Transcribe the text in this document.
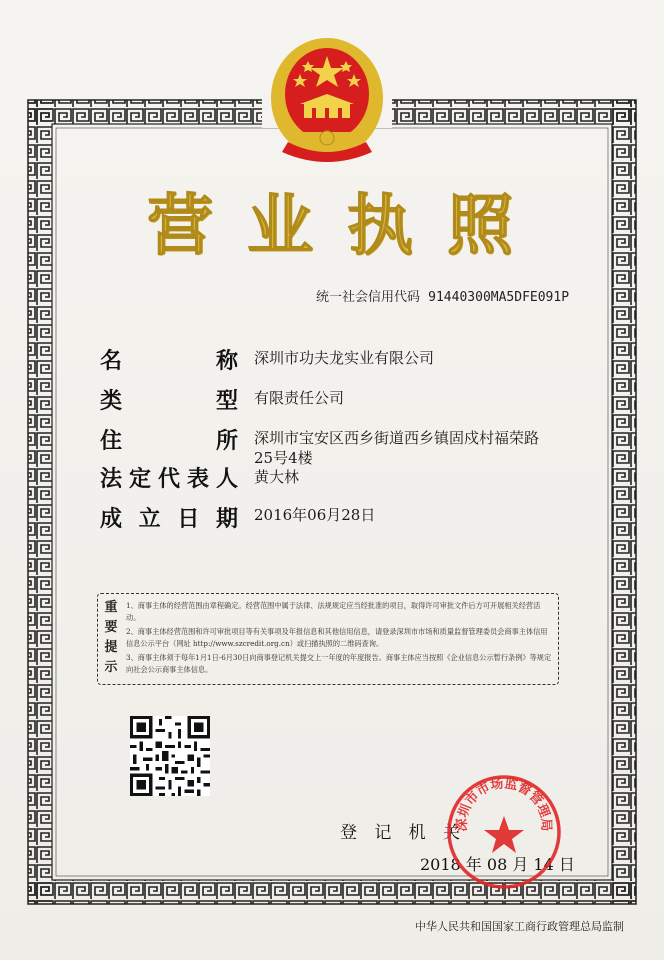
营 业 执 照
统一社会信用代码 91440300MA5DFE091P
名	称 深圳市功夫龙实业有限公司
类	型 有限责任公司
住	所 深圳市宝安区西乡街道西乡镇固戍村福荣路
25号4楼
法 定 代 表 人 黄大林
成 立 日 期 2016年06月28日
重
要
提
示

1、商事主体的经营范围由章程确定。经营范围中属于法律、法规规定应当经批准的项目，取得许可审批文件后方可开展相关经营活动。

2、商事主体经营范围和许可审批项目等有关事项及年报信息和其他信用信息，请登录深圳市市场和质量监督管理委员会商事主体信用信息公示平台（网址 http://www.szcredit.org.cn）或扫描执照的二维码查询。

3、商事主体须于每年1月1日-6月30日向商事登记机关提交上一年度的年度报告。商事主体应当按照《企业信息公示暂行条例》等规定向社会公示商事主体信息。

登 记 机 关
2018 年 08 月 14 日
深圳市市场监督管理局
中华人民共和国国家工商行政管理总局监制
